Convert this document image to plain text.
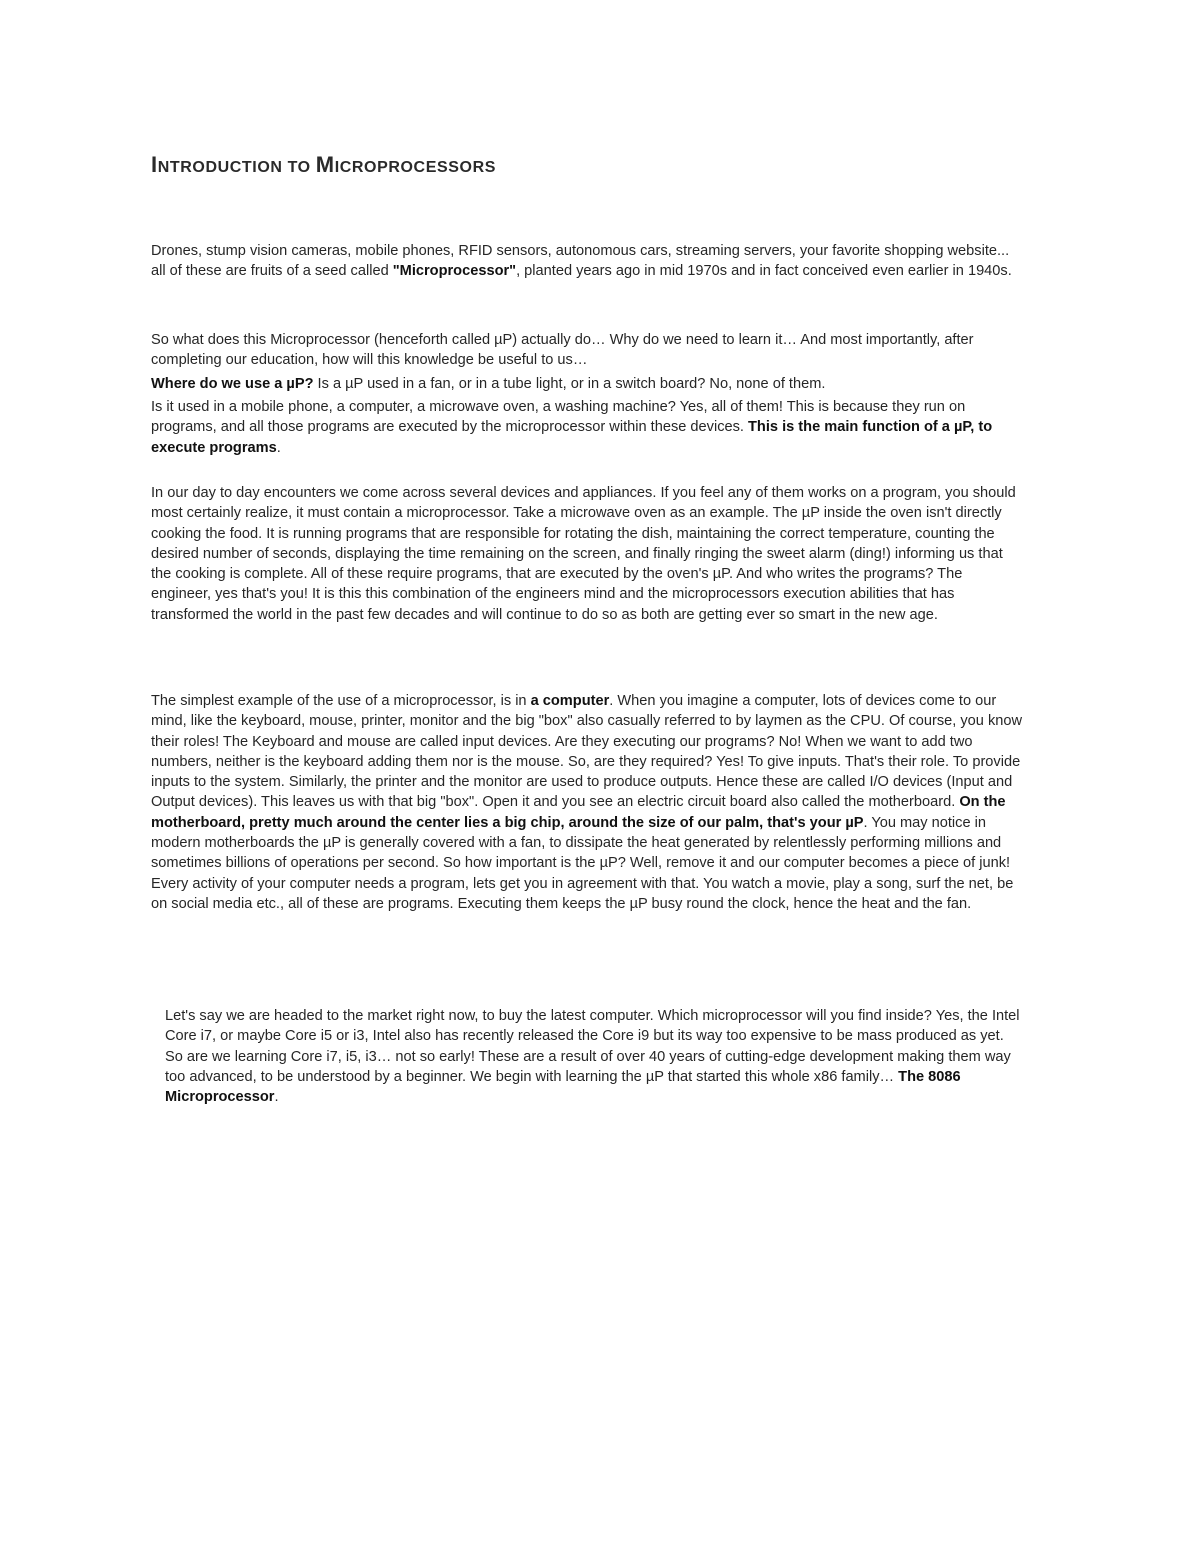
INTRODUCTION TO MICROPROCESSORS

Drones, stump vision cameras, mobile phones, RFID sensors, autonomous cars, streaming servers, your favorite shopping website... all of these are fruits of a seed called "Microprocessor", planted years ago in mid 1970s and in fact conceived even earlier in 1940s.

So what does this Microprocessor (henceforth called µP) actually do… Why do we need to learn it… And most importantly, after completing our education, how will this knowledge be useful to us…

Where do we use a µP? Is a µP used in a fan, or in a tube light, or in a switch board? No, none of them.

Is it used in a mobile phone, a computer, a microwave oven, a washing machine? Yes, all of them! This is because they run on programs, and all those programs are executed by the microprocessor within these devices. This is the main function of a µP, to execute programs.

In our day to day encounters we come across several devices and appliances. If you feel any of them works on a program, you should most certainly realize, it must contain a microprocessor. Take a microwave oven as an example. The µP inside the oven isn't directly cooking the food. It is running programs that are responsible for rotating the dish, maintaining the correct temperature, counting the desired number of seconds, displaying the time remaining on the screen, and finally ringing the sweet alarm (ding!) informing us that the cooking is complete. All of these require programs, that are executed by the oven's µP. And who writes the programs? The engineer, yes that's you! It is this this combination of the engineers mind and the microprocessors execution abilities that has transformed the world in the past few decades and will continue to do so as both are getting ever so smart in the new age.

The simplest example of the use of a microprocessor, is in a computer. When you imagine a computer, lots of devices come to our mind, like the keyboard, mouse, printer, monitor and the big "box" also casually referred to by laymen as the CPU. Of course, you know their roles! The Keyboard and mouse are called input devices. Are they executing our programs? No! When we want to add two numbers, neither is the keyboard adding them nor is the mouse. So, are they required? Yes! To give inputs. That's their role. To provide inputs to the system. Similarly, the printer and the monitor are used to produce outputs. Hence these are called I/O devices (Input and Output devices). This leaves us with that big "box". Open it and you see an electric circuit board also called the motherboard. On the motherboard, pretty much around the center lies a big chip, around the size of our palm, that's your µP. You may notice in modern motherboards the µP is generally covered with a fan, to dissipate the heat generated by relentlessly performing millions and sometimes billions of operations per second. So how important is the µP? Well, remove it and our computer becomes a piece of junk! Every activity of your computer needs a program, lets get you in agreement with that. You watch a movie, play a song, surf the net, be on social media etc., all of these are programs. Executing them keeps the µP busy round the clock, hence the heat and the fan.

Let's say we are headed to the market right now, to buy the latest computer. Which microprocessor will you find inside? Yes, the Intel Core i7, or maybe Core i5 or i3, Intel also has recently released the Core i9 but its way too expensive to be mass produced as yet. So are we learning Core i7, i5, i3… not so early! These are a result of over 40 years of cutting-edge development making them way too advanced, to be understood by a beginner. We begin with learning the µP that started this whole x86 family… The 8086 Microprocessor.
